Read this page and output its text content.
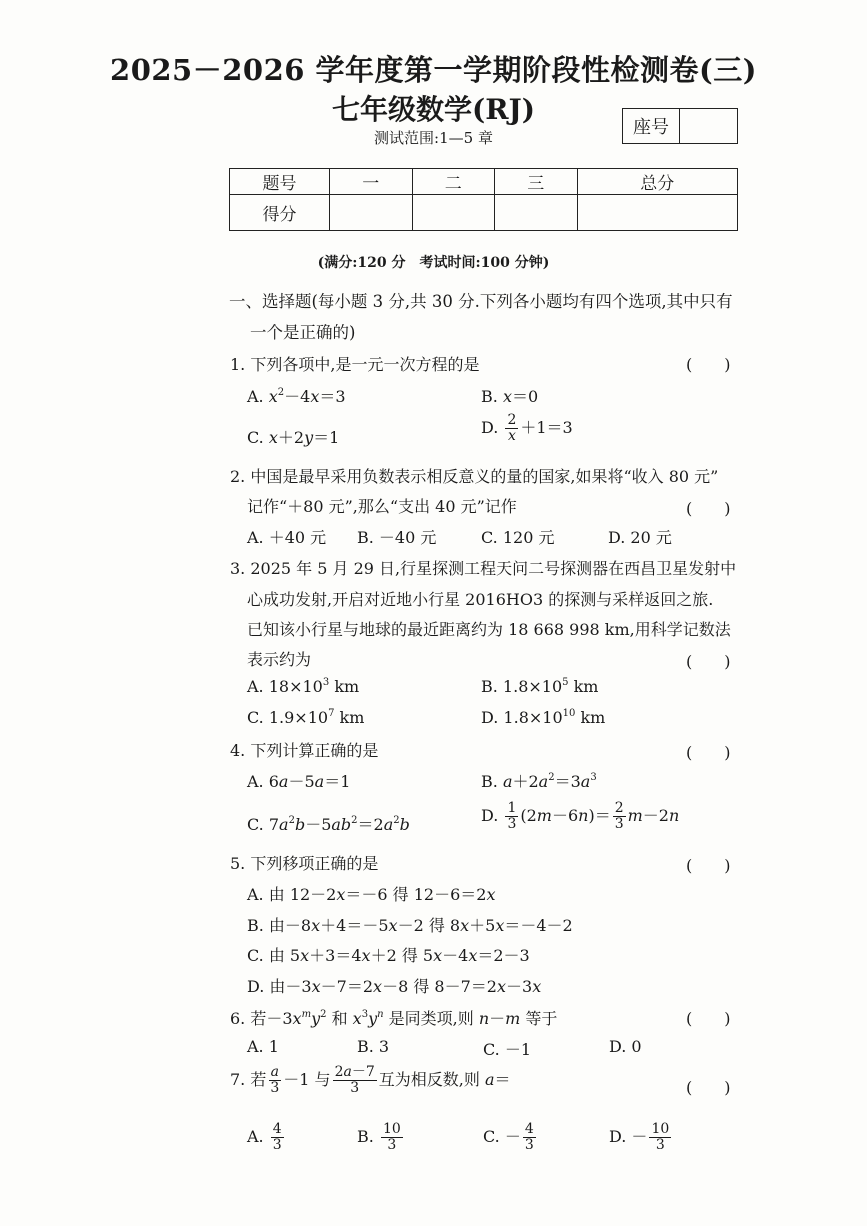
2025－2026 学年度第一学期阶段性检测卷(三)
七年级数学(RJ)
测试范围:1—5 章	座号
题号	一	二	三	总分
得分				
(满分:120 分　考试时间:100 分钟)
一、选择题(每小题 3 分,共 30 分.下列各小题均有四个选项,其中只有
一个是正确的)
1. 下列各项中,是一元一次方程的是	(　　)
A. $x^2-4x=3$	B. x＝0
C. x＋2y＝1
D. $\frac{2}{x} +1=3$
2. 中国是最早采用负数表示相反意义的量的国家,如果将“收入 80 元”
记作“＋80 元”,那么“支出 40 元”记作	(　　)
A. ＋40 元 B. －40 元	C. 120 元	D. 20 元
3. 2025 年 5 月 29 日,行星探测工程天问二号探测器在西昌卫星发射中
心成功发射,开启对近地小行星 2016HO3 的探测与采样返回之旅.
已知该小行星与地球的最近距离约为 18 668 998 km,用科学记数法
表示约为	(　　)
A. $18\times 10^3$ km	B. $1.8\times 10^5$ km
C. $1.9\times 10^7$ km	D. $1.8\times 10^{10}$ km
4. 下列计算正确的是	(　　)
A. 6a－5a＝1	B. $a+2a^2=3a^3$
C. $7a^2b-5ab^2=2a^2b$	D. $\frac{1}{3} (2m-6n)= \frac{2}{3} m-2n$
5. 下列移项正确的是	(　　)
A. 由 12－2x＝－6 得 12－6＝2x
B. 由－8x＋4＝－5x－2 得 8x＋5x＝－4－2
C. 由 5x＋3＝4x＋2 得 5x－4x＝2－3
D. 由－3x－7＝2x－8 得 8－7＝2x－3x
6. 若$-3x^my^2$ 和 $x^3y^n$ 是同类项,则 n－m 等于	(　　)
A. 1	B. 3	C. －1	D. 0
7. 若 $\frac{a}{3} -1$ 与 $\frac{2a-7}{3}$ 互为相反数,则 a＝	(　　)
A. $\frac{4}{3}$	B. $\frac{10}{3}$	C. － $\frac{4}{3}$	D. － $\frac{10}{3}$
